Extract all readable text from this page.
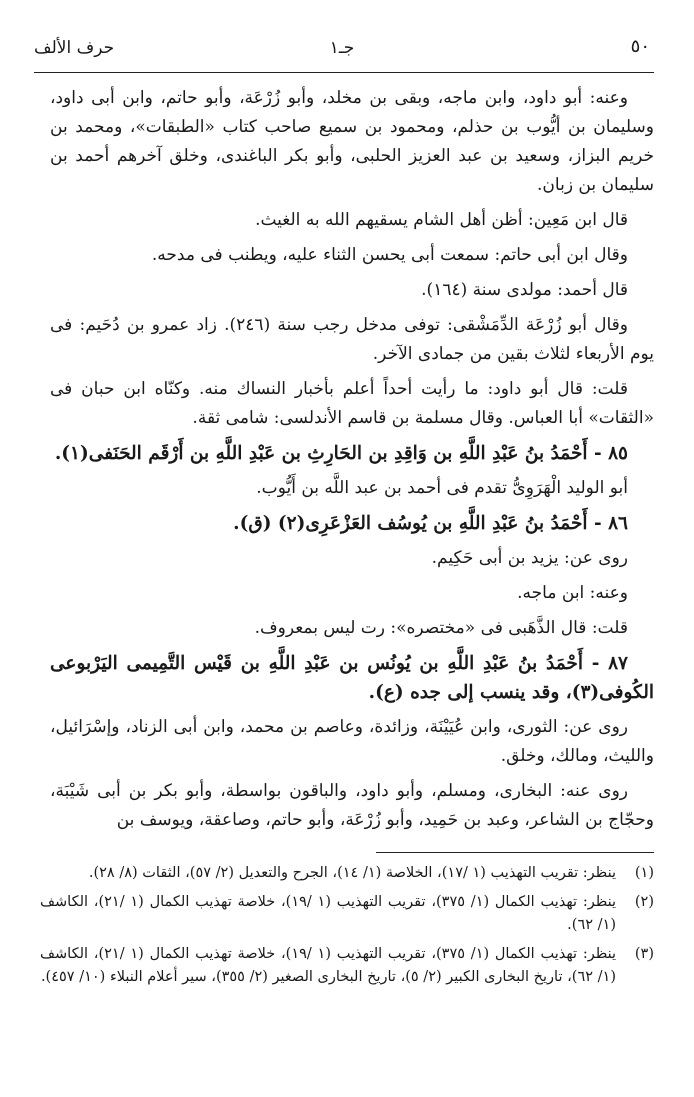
حرف الألف	جـ١	٥٠

وعنه: أبو داود، وابن ماجه، وبقى بن مخلد، وأبو زُرْعَة، وأبو حاتم، وابن أبى داود، وسليمان بن أيُّوب بن حذلم، ومحمود بن سميع صاحب كتاب «الطبقات»، ومحمد بن خريم البزاز، وسعيد بن عبد العزيز الحلبى، وأبو بكر الباغندى، وخلق آخرهم أحمد بن سليمان بن زبان.

قال ابن مَعِين: أظن أهل الشام يسقيهم الله به الغيث.

وقال ابن أبى حاتم: سمعت أبى يحسن الثناء عليه، ويطنب فى مدحه.

قال أحمد: مولدى سنة (١٦٤).

وقال أبو زُرْعَة الدِّمَشْقى: توفى مدخل رجب سنة (٢٤٦). زاد عمرو بن دُحَيم: فى يوم الأربعاء لثلاث بقين من جمادى الآخر.

قلت: قال أبو داود: ما رأيت أحداً أعلم بأخبار النساك منه. وكنّاه ابن حبان فى «الثقات» أبا العباس. وقال مسلمة بن قاسم الأندلسى: شامى ثقة.

٨٥ - أَحْمَدُ بنُ عَبْدِ اللَّهِ بن وَاقِدِ بن الحَارِثِ بن عَبْدِ اللَّهِ بن أَرْقَم الحَنَفى(١).

أبو الوليد الْهَرَوِىُّ تقدم فى أحمد بن عبد اللَّه بن أَيُّوب.

٨٦ - أَحْمَدُ بنُ عَبْدِ اللَّهِ بن يُوسُف العَزْعَرِى(٢) (ق).

روى عن: يزيد بن أبى حَكِيم.

وعنه: ابن ماجه.

قلت: قال الذَّهَبى فى «مختصره»: رت ليس بمعروف.

٨٧ - أَحْمَدُ بنُ عَبْدِ اللَّهِ بن يُونُس بن عَبْدِ اللَّهِ بن قَيْس التَّمِيمى اليَرْبوعى الكُوفى(٣)، وقد ينسب إلى جده (ع).

روى عن: الثورى، وابن عُيَيْنَة، وزائدة، وعاصم بن محمد، وابن أبى الزناد، وإسْرَائيل، والليث، ومالك، وخلق.

روى عنه: البخارى، ومسلم، وأبو داود، والباقون بواسطة، وأبو بكر بن أبى شَيْبَة، وحجّاج بن الشاعر، وعبد بن حَمِيد، وأبو زُرْعَة، وأبو حاتم، وصاعقة، ويوسف بن

(١)
ينظر: تقريب التهذيب (١ /١٧)، الخلاصة (١/ ١٤)، الجرح والتعديل (٢/ ٥٧)، الثقات (٨/ ٢٨).
(٢)
ينظر: تهذيب الكمال (١/ ٣٧٥)، تقريب التهذيب (١ /١٩)، خلاصة تهذيب الكمال (١ /٢١)، الكاشف (١/ ٦٢).
(٣)
ينظر: تهذيب الكمال (١/ ٣٧٥)، تقريب التهذيب (١ /١٩)، خلاصة تهذيب الكمال (١ /٢١)، الكاشف (١/ ٦٢)، تاريخ البخارى الكبير (٢/ ٥)، تاريخ البخارى الصغير (٢/ ٣٥٥)، سير أعلام النبلاء (١٠/ ٤٥٧).
